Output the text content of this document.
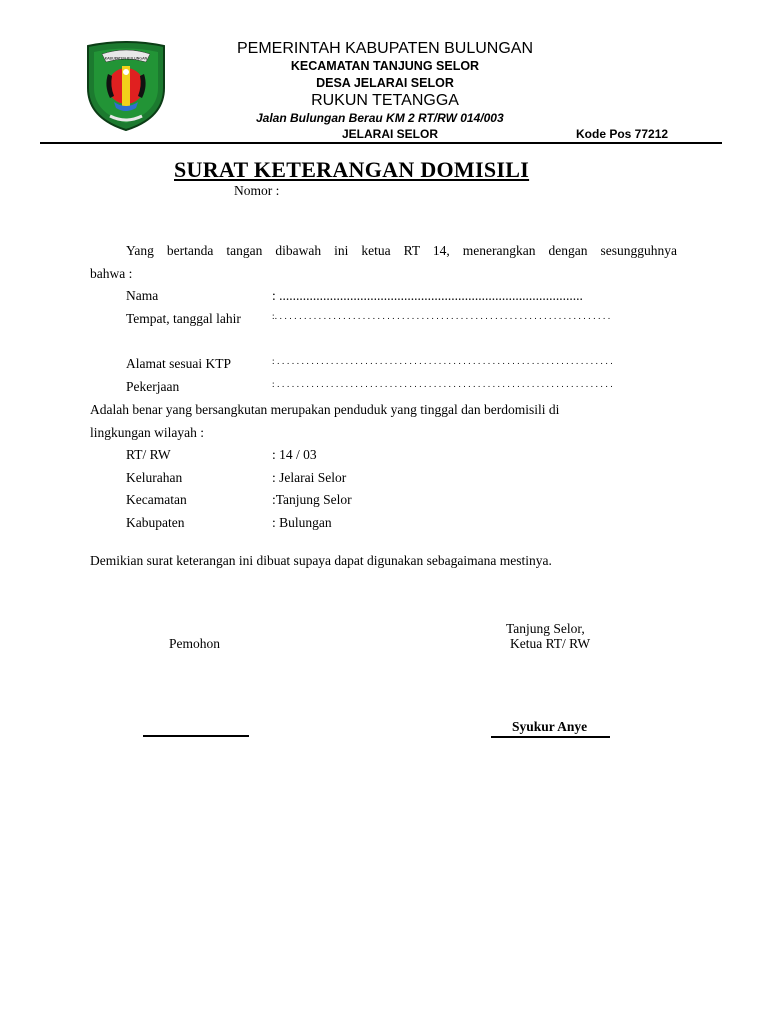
KABUPATEN BULUNGAN
PEMERINTAH KABUPATEN BULUNGAN
KECAMATAN TANJUNG SELOR
DESA JELARAI SELOR
RUKUN TETANGGA
Jalan Bulungan Berau KM 2 RT/RW 014/003
JELARAI SELOR	Kode Pos 77212
SURAT KETERANGAN DOMISILI
Nomor :
Yang bertanda tangan dibawah ini ketua RT 14, menerangkan dengan sesungguhnya
bahwa :
Nama	: ..........................................................................................
Tempat, tanggal lahir	:. . . . . . . . . . . . . . . . . . . . . . . . . . . . . . . . . . . . . . . . . . . . . . . . . . . . . . . . . . . . . . . . . . . . .
Alamat sesuai KTP	: . . . . . . . . . . . . . . . . . . . . . . . . . . . . . . . . . . . . . . . . . . . . . . . . . . . . . . . . . . . . . . . . . . . . .
Pekerjaan	: . . . . . . . . . . . . . . . . . . . . . . . . . . . . . . . . . . . . . . . . . . . . . . . . . . . . . . . . . . . . . . . . . . . . .
Adalah benar yang bersangkutan merupakan penduduk yang tinggal dan berdomisili di
lingkungan wilayah :
RT/ RW	: 14 / 03
Kelurahan	: Jelarai Selor
Kecamatan	:Tanjung Selor
Kabupaten	: Bulungan
Demikian surat keterangan ini dibuat supaya dapat digunakan sebagaimana mestinya.
Tanjung Selor,
Pemohon	Ketua RT/ RW
Syukur Anye
